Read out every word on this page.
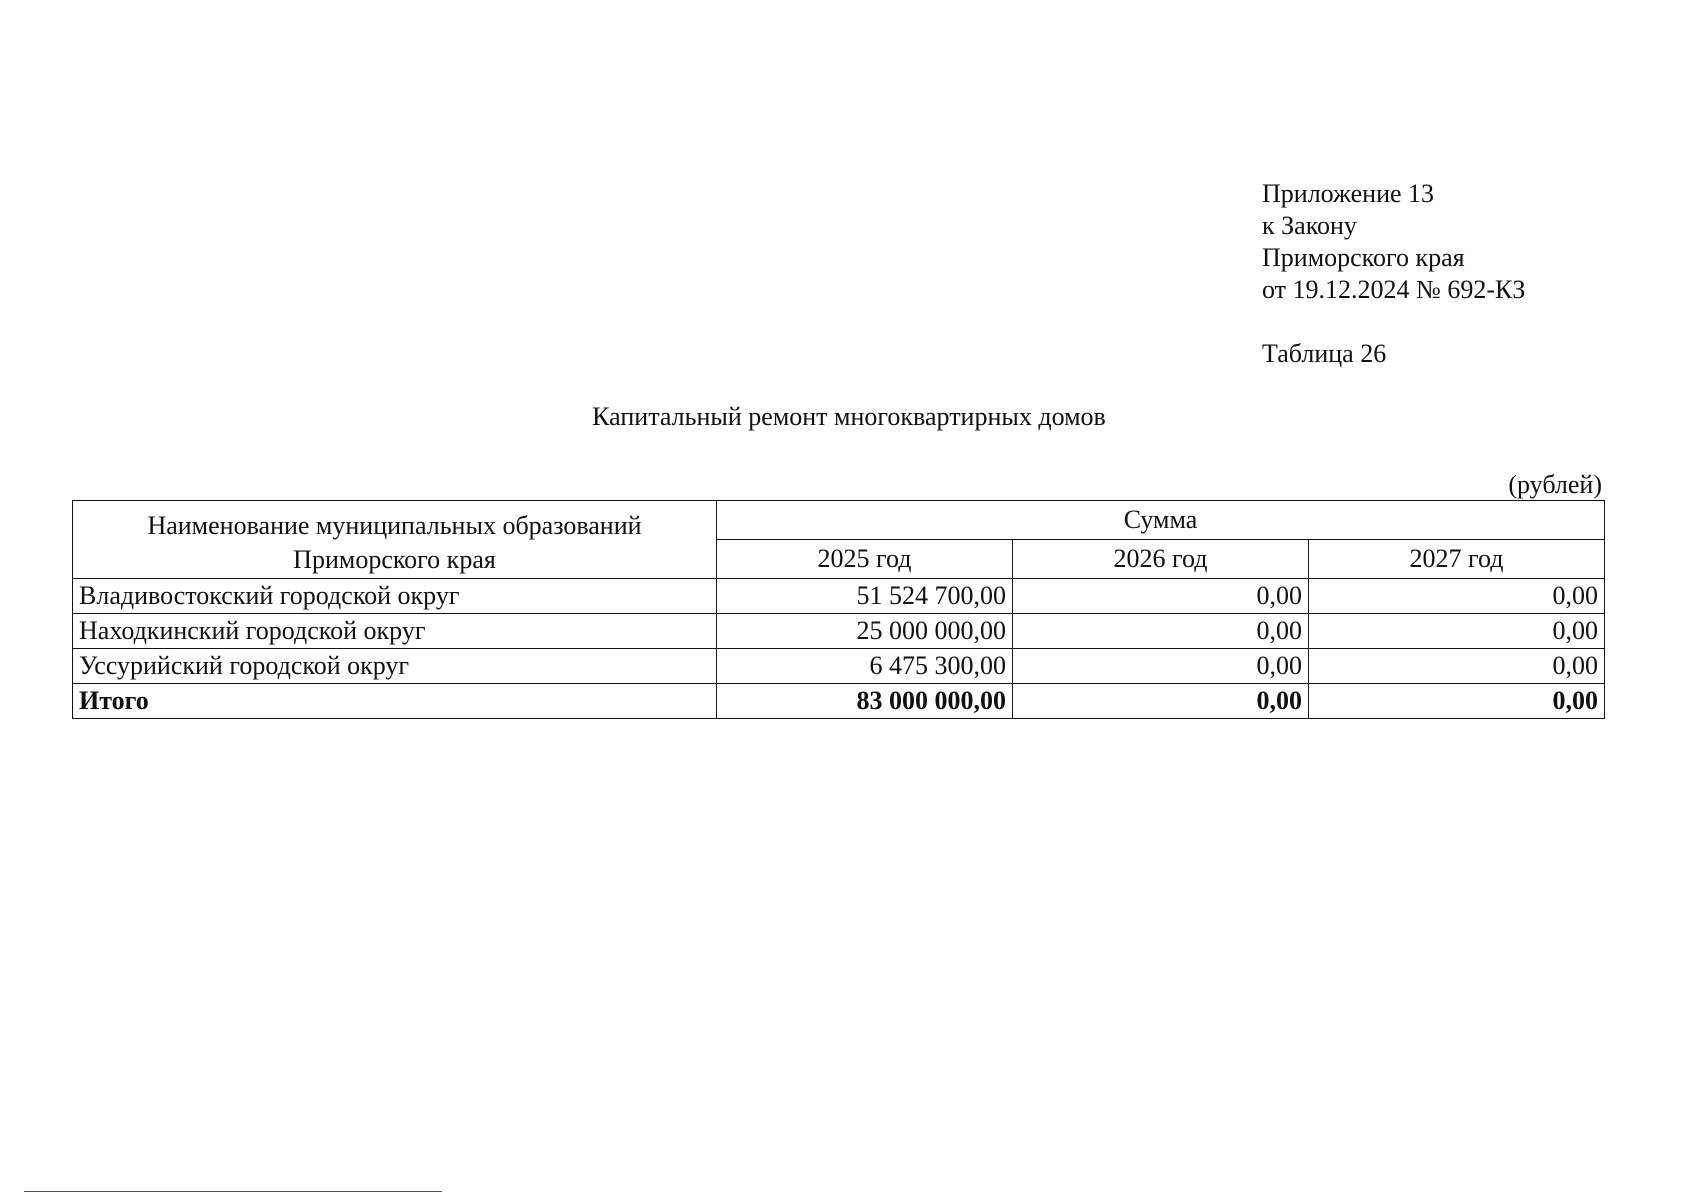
Приложение 13
к Закону
Приморского края
от 19.12.2024 № 692-КЗ
Таблица 26
Капитальный ремонт многоквартирных домов
(рублей)
Наименование муниципальных образований Приморского края	Сумма		
	2025 год	2026 год	2027 год
Владивостокский городской округ	51 524 700,00	0,00	0,00
Находкинский городской округ	25 000 000,00	0,00	0,00
Уссурийский городской округ	6 475 300,00	0,00	0,00
Итого	83 000 000,00	0,00	0,00
